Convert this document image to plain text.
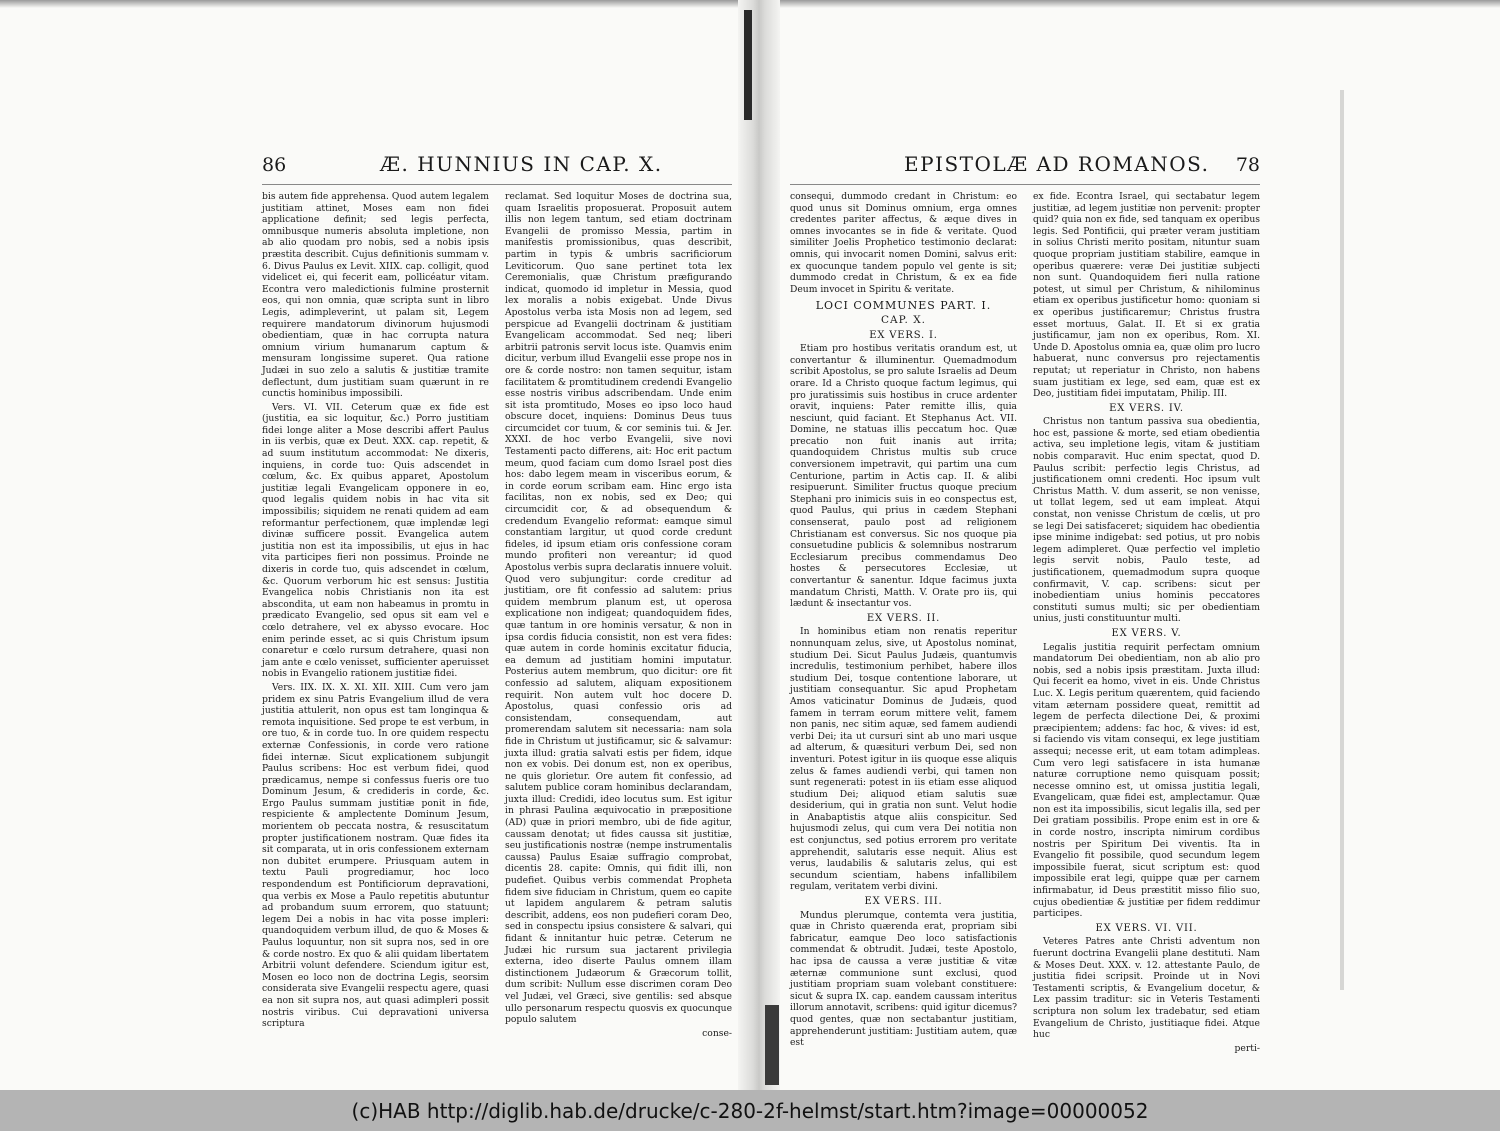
86	Æ. HUNNIUS IN CAP. X.

bis autem fide apprehensa. Quod autem legalem justitiam attinet, Moses eam non fidei applicatione definit; sed legis perfecta, omnibusque numeris absoluta impletione, non ab alio quodam pro nobis, sed a nobis ipsis præstita describit. Cujus definitionis summam v. 6. Divus Paulus ex Levit. XIIX. cap. colligit, quod videlicet ei, qui fecerit eam, pollicéatur vitam. Econtra vero maledictionis fulmine prosternit eos, qui non omnia, quæ scripta sunt in libro Legis, adimpleverint, ut palam sit, Legem requirere mandatorum divinorum hujusmodi obedientiam, quæ in hac corrupta natura omnium virium humanarum captum & mensuram longissime superet. Qua ratione Judæi in suo zelo a salutis & justitiæ tramite deflectunt, dum justitiam suam quærunt in re cunctis hominibus impossibili.

Vers. VI. VII. Ceterum quæ ex fide est (justitia, ea sic loquitur, &c.) Porro justitiam fidei longe aliter a Mose describi affert Paulus in iis verbis, quæ ex Deut. XXX. cap. repetit, & ad suum institutum accommodat: Ne dixeris, inquiens, in corde tuo: Quis adscendet in cœlum, &c. Ex quibus apparet, Apostolum justitiæ legali Evangelicam opponere in eo, quod legalis quidem nobis in hac vita sit impossibilis; siquidem ne renati quidem ad eam reformantur perfectionem, quæ implendæ legi divinæ sufficere possit. Evangelica autem justitia non est ita impossibilis, ut ejus in hac vita participes fieri non possimus. Proinde ne dixeris in corde tuo, quis adscendet in cœlum, &c. Quorum verborum hic est sensus: Justitia Evangelica nobis Christianis non ita est abscondita, ut eam non habeamus in promtu in prædicato Evangelio, sed opus sit eam vel e cœlo detrahere, vel ex abysso evocare. Hoc enim perinde esset, ac si quis Christum ipsum conaretur e cœlo rursum detrahere, quasi non jam ante e cœlo venisset, sufficienter aperuisset nobis in Evangelio rationem justitiæ fidei.

Vers. IIX. IX. X. XI. XII. XIII. Cum vero jam pridem ex sinu Patris Evangelium illud de vera justitia attulerit, non opus est tam longinqua & remota inquisitione. Sed prope te est verbum, in ore tuo, & in corde tuo. In ore quidem respectu externæ Confessionis, in corde vero ratione fidei internæ. Sicut explicationem subjungit Paulus scribens: Hoc est verbum fidei, quod prædicamus, nempe si confessus fueris ore tuo Dominum Jesum, & credideris in corde, &c. Ergo Paulus summam justitiæ ponit in fide, respiciente & amplectente Dominum Jesum, morientem ob peccata nostra, & resuscitatum propter justificationem nostram. Quæ fides ita sit comparata, ut in oris confessionem externam non dubitet erumpere. Priusquam autem in textu Pauli progrediamur, hoc loco respondendum est Pontificiorum depravationi, qua verbis ex Mose a Paulo repetitis abutuntur ad probandum suum errorem, quo statuunt; legem Dei a nobis in hac vita posse impleri: quandoquidem verbum illud, de quo & Moses & Paulus loquuntur, non sit supra nos, sed in ore & corde nostro. Ex quo & alii quidam libertatem Arbitrii volunt defendere. Sciendum igitur est, Mosen eo loco non de doctrina Legis, seorsim considerata sive Evangelii respectu agere, quasi ea non sit supra nos, aut quasi adimpleri possit nostris viribus. Cui depravationi universa scriptura

reclamat. Sed loquitur Moses de doctrina sua, quam Israelitis proposuerat. Proposuit autem illis non legem tantum, sed etiam doctrinam Evangelii de promisso Messia, partim in manifestis promissionibus, quas describit, partim in typis & umbris sacrificiorum Leviticorum. Quo sane pertinet tota lex Ceremonialis, quæ Christum præfigurando indicat, quomodo id impletur in Messia, quod lex moralis a nobis exigebat. Unde Divus Apostolus verba ista Mosis non ad legem, sed perspicue ad Evangelii doctrinam & justitiam Evangelicam accommodat. Sed neq; liberi arbitrii patronis servit locus iste. Quamvis enim dicitur, verbum illud Evangelii esse prope nos in ore & corde nostro: non tamen sequitur, istam facilitatem & promtitudinem credendi Evangelio esse nostris viribus adscribendam. Unde enim sit ista promtitudo, Moses eo ipso loco haud obscure docet, inquiens: Dominus Deus tuus circumcidet cor tuum, & cor seminis tui. & Jer. XXXI. de hoc verbo Evangelii, sive novi Testamenti pacto differens, ait: Hoc erit pactum meum, quod faciam cum domo Israel post dies hos: dabo legem meam in visceribus eorum, & in corde eorum scribam eam. Hinc ergo ista facilitas, non ex nobis, sed ex Deo; qui circumcidit cor, & ad obsequendum & credendum Evangelio reformat: eamque simul constantiam largitur, ut quod corde credunt fideles, id ipsum etiam oris confessione coram mundo profiteri non vereantur; id quod Apostolus verbis supra declaratis innuere voluit. Quod vero subjungitur: corde creditur ad justitiam, ore fit confessio ad salutem: prius quidem membrum planum est, ut operosa explicatione non indigeat; quandoquidem fides, quæ tantum in ore hominis versatur, & non in ipsa cordis fiducia consistit, non est vera fides: quæ autem in corde hominis excitatur fiducia, ea demum ad justitiam homini imputatur. Posterius autem membrum, quo dicitur: ore fit confessio ad salutem, aliquam expositionem requirit. Non autem vult hoc docere D. Apostolus, quasi confessio oris ad consistendam, consequendam, aut promerendam salutem sit necessaria: nam sola fide in Christum ut justificamur, sic & salvamur: juxta illud: gratia salvati estis per fidem, idque non ex vobis. Dei donum est, non ex operibus, ne quis glorietur. Ore autem fit confessio, ad salutem publice coram hominibus declarandam, juxta illud: Credidi, ideo locutus sum. Est igitur in phrasi Paulina æquivocatio in præpositione (AD) quæ in priori membro, ubi de fide agitur, caussam denotat; ut fides caussa sit justitiæ, seu justificationis nostræ (nempe instrumentalis caussa) Paulus Esaiæ suffragio comprobat, dicentis 28. capite: Omnis, qui fidit illi, non pudefiet. Quibus verbis commendat Propheta fidem sive fiduciam in Christum, quem eo capite ut lapidem angularem & petram salutis describit, addens, eos non pudefieri coram Deo, sed in conspectu ipsius consistere & salvari, qui fidant & innitantur huic petræ. Ceterum ne Judæi hic rursum sua jactarent privilegia externa, ideo diserte Paulus omnem illam distinctionem Judæorum & Græcorum tollit, dum scribit: Nullum esse discrimen coram Deo vel Judæi, vel Græci, sive gentilis: sed absque ullo personarum respectu quosvis ex quocunque populo salutem

conse-
EPISTOLÆ AD ROMANOS. 78

consequi, dummodo credant in Christum: eo quod unus sit Dominus omnium, erga omnes credentes pariter affectus, & æque dives in omnes invocantes se in fide & veritate. Quod similiter Joelis Prophetico testimonio declarat: omnis, qui invocarit nomen Domini, salvus erit: ex quocunque tandem populo vel gente is sit; dummodo credat in Christum, & ex ea fide Deum invocet in Spiritu & veritate.

LOCI COMMUNES PART. I.
CAP. X.
EX VERS. I.

Etiam pro hostibus veritatis orandum est, ut convertantur & illuminentur. Quemadmodum scribit Apostolus, se pro salute Israelis ad Deum orare. Id a Christo quoque factum legimus, qui pro juratissimis suis hostibus in cruce ardenter oravit, inquiens: Pater remitte illis, quia nesciunt, quid faciant. Et Stephanus Act. VII. Domine, ne statuas illis peccatum hoc. Quæ precatio non fuit inanis aut irrita; quandoquidem Christus multis sub cruce conversionem impetravit, qui partim una cum Centurione, partim in Actis cap. II. & alibi resipuerunt. Similiter fructus quoque precium Stephani pro inimicis suis in eo conspectus est, quod Paulus, qui prius in cædem Stephani consenserat, paulo post ad religionem Christianam est conversus. Sic nos quoque pia consuetudine publicis & solemnibus nostrarum Ecclesiarum precibus commendamus Deo hostes & persecutores Ecclesiæ, ut convertantur & sanentur. Idque facimus juxta mandatum Christi, Matth. V. Orate pro iis, qui lædunt & insectantur vos.

EX VERS. II.

In hominibus etiam non renatis reperitur nonnunquam zelus, sive, ut Apostolus nominat, studium Dei. Sicut Paulus Judæis, quantumvis incredulis, testimonium perhibet, habere illos studium Dei, tosque contentione laborare, ut justitiam consequantur. Sic apud Prophetam Amos vaticinatur Dominus de Judæis, quod famem in terram eorum mittere velit, famem non panis, nec sitim aquæ, sed famem audiendi verbi Dei; ita ut cursuri sint ab uno mari usque ad alterum, & quæsituri verbum Dei, sed non inventuri. Potest igitur in iis quoque esse aliquis zelus & fames audiendi verbi, qui tamen non sunt regenerati: potest in iis etiam esse aliquod studium Dei; aliquod etiam salutis suæ desiderium, qui in gratia non sunt. Velut hodie in Anabaptistis atque aliis conspicitur. Sed hujusmodi zelus, qui cum vera Dei notitia non est conjunctus, sed potius errorem pro veritate apprehendit, salutaris esse nequit. Alius est verus, laudabilis & salutaris zelus, qui est secundum scientiam, habens infallibilem regulam, veritatem verbi divini.

EX VERS. III.

Mundus plerumque, contemta vera justitia, quæ in Christo quærenda erat, propriam sibi fabricatur, eamque Deo loco satisfactionis commendat & obtrudit. Judæi, teste Apostolo, hac ipsa de caussa a veræ justitiæ & vitæ æternæ communione sunt exclusi, quod justitiam propriam suam volebant constituere: sicut & supra IX. cap. eandem caussam interitus illorum annotavit, scribens: quid igitur dicemus? quod gentes, quæ non sectabantur justitiam, apprehenderunt justitiam: Justitiam autem, quæ est

ex fide. Econtra Israel, qui sectabatur legem justitiæ, ad legem justitiæ non pervenit: propter quid? quia non ex fide, sed tanquam ex operibus legis. Sed Pontificii, qui præter veram justitiam in solius Christi merito positam, nituntur suam quoque propriam justitiam stabilire, eamque in operibus quærere: veræ Dei justitiæ subjecti non sunt. Quandoquidem fieri nulla ratione potest, ut simul per Christum, & nihilominus etiam ex operibus justificetur homo: quoniam si ex operibus justificaremur; Christus frustra esset mortuus, Galat. II. Et si ex gratia justificamur, jam non ex operibus, Rom. XI. Unde D. Apostolus omnia ea, quæ olim pro lucro habuerat, nunc conversus pro rejectamentis reputat; ut reperiatur in Christo, non habens suam justitiam ex lege, sed eam, quæ est ex Deo, justitiam fidei imputatam, Philip. III.

EX VERS. IV.

Christus non tantum passiva sua obedientia, hoc est, passione & morte, sed etiam obedientia activa, seu impletione legis, vitam & justitiam nobis comparavit. Huc enim spectat, quod D. Paulus scribit: perfectio legis Christus, ad justificationem omni credenti. Hoc ipsum vult Christus Matth. V. dum asserit, se non venisse, ut tollat legem, sed ut eam impleat. Atqui constat, non venisse Christum de cœlis, ut pro se legi Dei satisfaceret; siquidem hac obedientia ipse minime indigebat: sed potius, ut pro nobis legem adimpleret. Quæ perfectio vel impletio legis servit nobis, Paulo teste, ad justificationem, quemadmodum supra quoque confirmavit, V. cap. scribens: sicut per inobedientiam unius hominis peccatores constituti sumus multi; sic per obedientiam unius, justi constituuntur multi.

EX VERS. V.

Legalis justitia requirit perfectam omnium mandatorum Dei obedientiam, non ab alio pro nobis, sed a nobis ipsis præstitam. Juxta illud: Qui fecerit ea homo, vivet in eis. Unde Christus Luc. X. Legis peritum quærentem, quid faciendo vitam æternam possidere queat, remittit ad legem de perfecta dilectione Dei, & proximi præcipientem; addens: fac hoc, & vives: id est, si faciendo vis vitam consequi, ex lege justitiam assequi; necesse erit, ut eam totam adimpleas. Cum vero legi satisfacere in ista humanæ naturæ corruptione nemo quisquam possit; necesse omnino est, ut omissa justitia legali, Evangelicam, quæ fidei est, amplectamur. Quæ non est ita impossibilis, sicut legalis illa, sed per Dei gratiam possibilis. Prope enim est in ore & in corde nostro, inscripta nimirum cordibus nostris per Spiritum Dei viventis. Ita in Evangelio fit possibile, quod secundum legem impossibile fuerat, sicut scriptum est: quod impossibile erat legi, quippe quæ per carnem infirmabatur, id Deus præstitit misso filio suo, cujus obedientiæ & justitiæ per fidem reddimur participes.

EX VERS. VI. VII.

Veteres Patres ante Christi adventum non fuerunt doctrina Evangelii plane destituti. Nam & Moses Deut. XXX. v. 12. attestante Paulo, de justitia fidei scripsit. Proinde ut in Novi Testamenti scriptis, & Evangelium docetur, & Lex passim traditur: sic in Veteris Testamenti scriptura non solum lex tradebatur, sed etiam Evangelium de Christo, justitiaque fidei. Atque huc

perti-
(c)HAB http://diglib.hab.de/drucke/c-280-2f-helmst/start.htm?image=00000052
